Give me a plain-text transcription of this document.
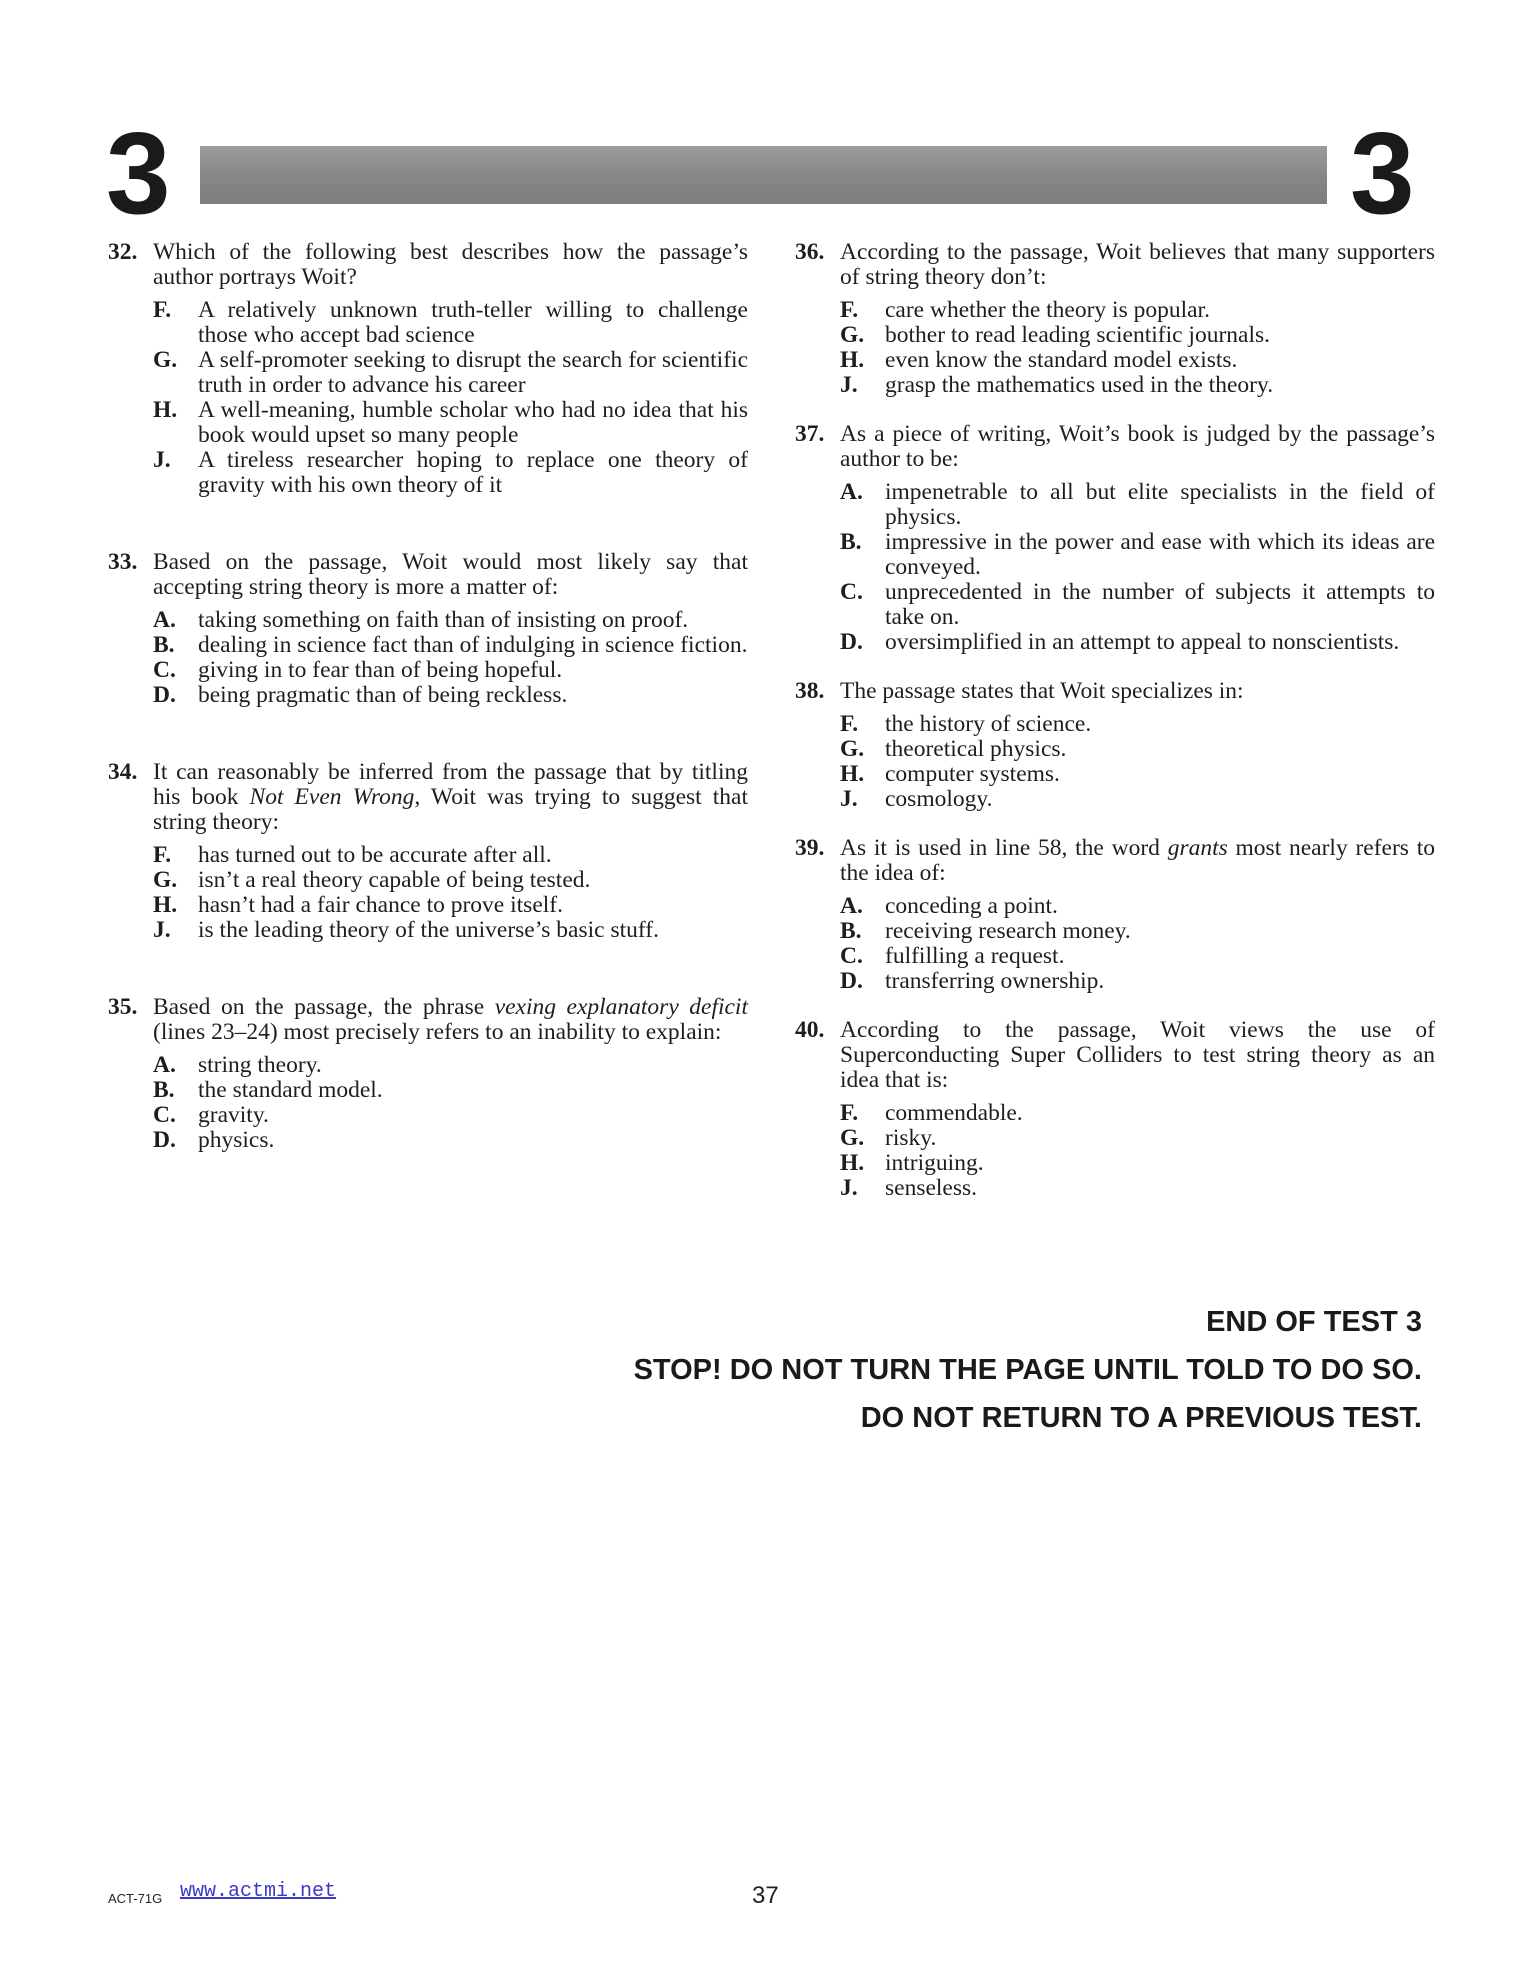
3	3
32. Which of the following best describes how the passage’s author portrays Woit?
F. A relatively unknown truth-teller willing to challenge those who accept bad science
G. A self-promoter seeking to disrupt the search for scientific truth in order to advance his career
H. A well-meaning, humble scholar who had no idea that his book would upset so many people
J. A tireless researcher hoping to replace one theory of gravity with his own theory of it
33. Based on the passage, Woit would most likely say that accepting string theory is more a matter of:
A. taking something on faith than of insisting on proof.
B. dealing in science fact than of indulging in science fiction.
C. giving in to fear than of being hopeful.
D. being pragmatic than of being reckless.
34. It can reasonably be inferred from the passage that by titling his book Not Even Wrong, Woit was trying to suggest that string theory:
F. has turned out to be accurate after all.
G. isn’t a real theory capable of being tested.
H. hasn’t had a fair chance to prove itself.
J. is the leading theory of the universe’s basic stuff.
35. Based on the passage, the phrase vexing explanatory deficit (lines 23–24) most precisely refers to an inability to explain:
A. string theory.
B. the standard model.
C. gravity.
D. physics.
36. According to the passage, Woit believes that many supporters of string theory don’t:
F. care whether the theory is popular.
G. bother to read leading scientific journals.
H. even know the standard model exists.
J. grasp the mathematics used in the theory.
37. As a piece of writing, Woit’s book is judged by the passage’s author to be:
A. impenetrable to all but elite specialists in the field of physics.
B. impressive in the power and ease with which its ideas are conveyed.
C. unprecedented in the number of subjects it attempts to take on.
D. oversimplified in an attempt to appeal to nonscientists.
38. The passage states that Woit specializes in:
F. the history of science.
G. theoretical physics.
H. computer systems.
J. cosmology.
39. As it is used in line 58, the word grants most nearly refers to the idea of:
A. conceding a point.
B. receiving research money.
C. fulfilling a request.
D. transferring ownership.
40. According to the passage, Woit views the use of Superconducting Super Colliders to test string theory as an idea that is:
F. commendable.
G. risky.
H. intriguing.
J. senseless.
END OF TEST 3
STOP! DO NOT TURN THE PAGE UNTIL TOLD TO DO SO.
DO NOT RETURN TO A PREVIOUS TEST.
ACT-71G www.actmi.net	37
